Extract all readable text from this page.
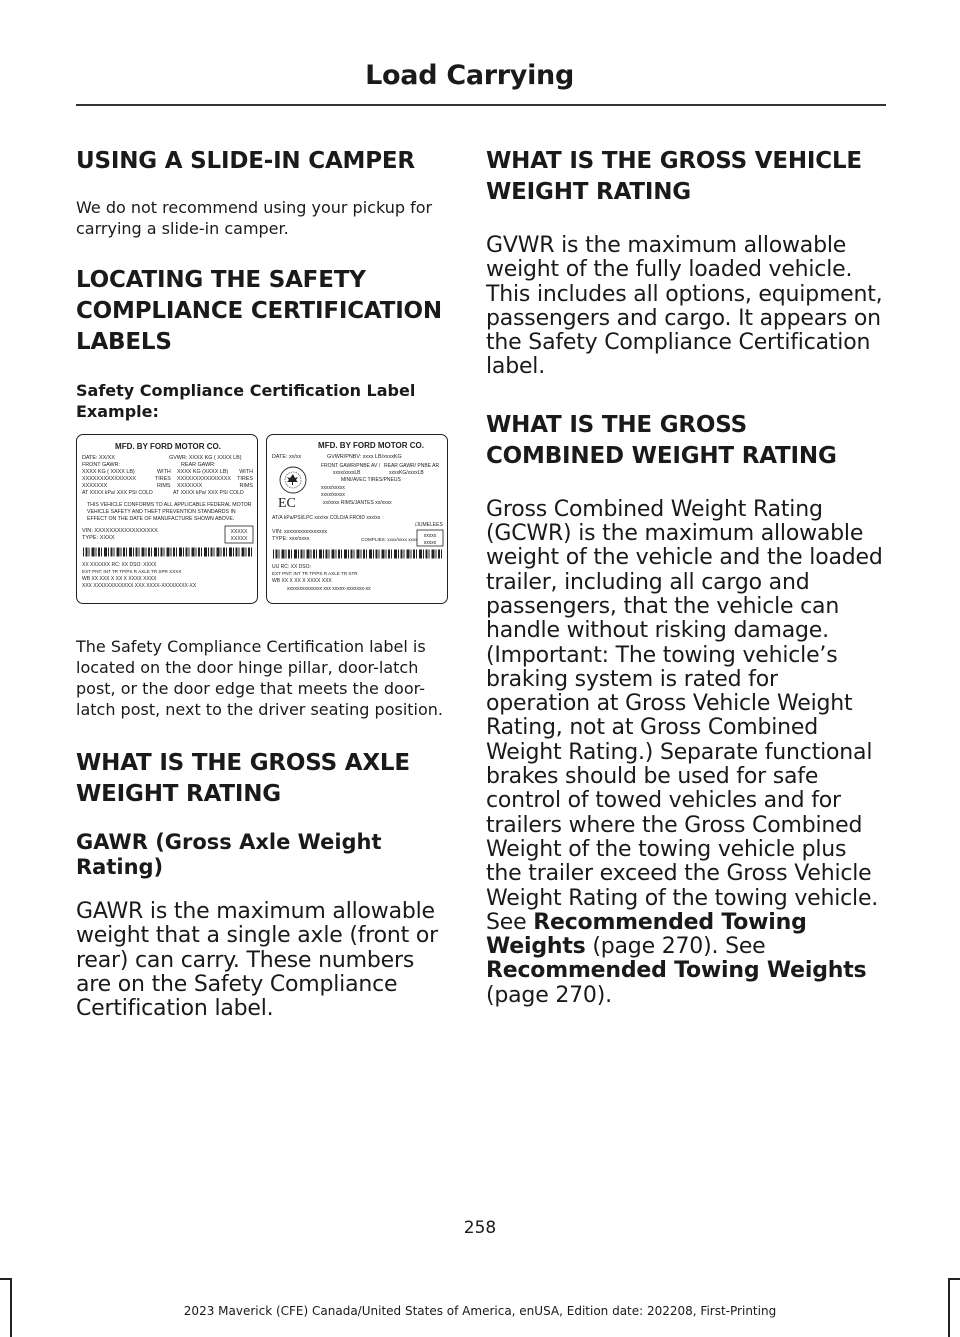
Load Carrying
USING A SLIDE-IN CAMPER

We do not recommend using your pickup for carrying a slide-in camper.

LOCATING THE SAFETY COMPLIANCE CERTIFICATION LABELS

Safety Compliance Certification Label Example:

MFD. BY FORD MOTOR CO.
DATE: XX/XX	GVWR: XXXX KG ( XXXX LB)
FRONT GAWR:	REAR GAWR:
XXXX KG ( XXXX LB)	XXXX KG (XXXX LB)
WITH	WITH
XXXXXXXXXXXXXXX	TIRES XXXXXXXXXXXXXXX TIRES
XXXXXXX	RIMS XXXXXXX	RIMS
AT XXXX kPa/ XXX PSI COLD	AT XXXX kPa/ XXX PSI COLD
THIS VEHICLE CONFORMS TO ALL APPLICABLE FEDERAL MOTOR
VEHICLE SAFETY AND THEFT PREVENTION STANDARDS IN
EFFECT ON THE DATE OF MANUFACTURE SHOWN ABOVE.
VIN: XXXXXXXXXXXXXXXXX
TYPE: XXXX
XXXXX
XXXXX
XX XXXXXX RC: XX DSO: XXXX
EXT PNT: INT TR TP/PS R AXLE TR SPR XXXX
WB XX XXX X XX X XXXX XXXX
XXX XXXXXXXXXXXX XXX XXXX-XXXXXXXX-XX
MFD. BY FORD MOTOR CO.
DATE: xx/xx	GVWR/PNBV: xxxx LB/xxxxKG
FRONT GAWR/PNBE AV / REAR GAWR/ PNBE AR
xxxx/xxxxLB	xxxxKG/xxxxLB
MINI/AVEC TIRES/PNEUS
xxxx/xxxxx
xxxx/xxxxx
xx/xxxx RIMS/JANTES xx/xxxx
EC
AT/A kPa/PSI/LPC xxx/xx COLD/A FROID xxx/xx
/JUMELEES
VIN: xxxxxxxxxxxxxxxx
TYPE: xxx/xxxx	COMPLIES: xxxx/xxxx xxxx
xxxxx
xxxxx
UU RC: XX DSO:
EXT PNT: INT TR TP/PS R AXLE TR STR
WB XX X XX X XXXX XXX
xxxxxxxxxxxxxx xxx xxxxx-xxxxxxx-xx

The Safety Compliance Certification label is located on the door hinge pillar, door-latch post, or the door edge that meets the door-latch post, next to the driver seating position.

WHAT IS THE GROSS AXLE WEIGHT RATING
GAWR (Gross Axle Weight Rating)

GAWR is the maximum allowable weight that a single axle (front or rear) can carry. These numbers are on the Safety Compliance Certification label.

WHAT IS THE GROSS VEHICLE WEIGHT RATING

GVWR is the maximum allowable weight of the fully loaded vehicle. This includes all options, equipment, passengers and cargo. It appears on the Safety Compliance Certification label.

WHAT IS THE GROSS COMBINED WEIGHT RATING

Gross Combined Weight Rating (GCWR) is the maximum allowable weight of the vehicle and the loaded trailer, including all cargo and passengers, that the vehicle can handle without risking damage. (Important: The towing vehicle’s braking system is rated for operation at Gross Vehicle Weight Rating, not at Gross Combined Weight Rating.) Separate functional brakes should be used for safe control of towed vehicles and for trailers where the Gross Combined Weight of the towing vehicle plus the trailer exceed the Gross Vehicle Weight Rating of the towing vehicle. See Recommended Towing Weights (page 270). See Recommended Towing Weights (page 270).

258
2023 Maverick (CFE) Canada/United States of America, enUSA, Edition date: 202208, First-Printing
